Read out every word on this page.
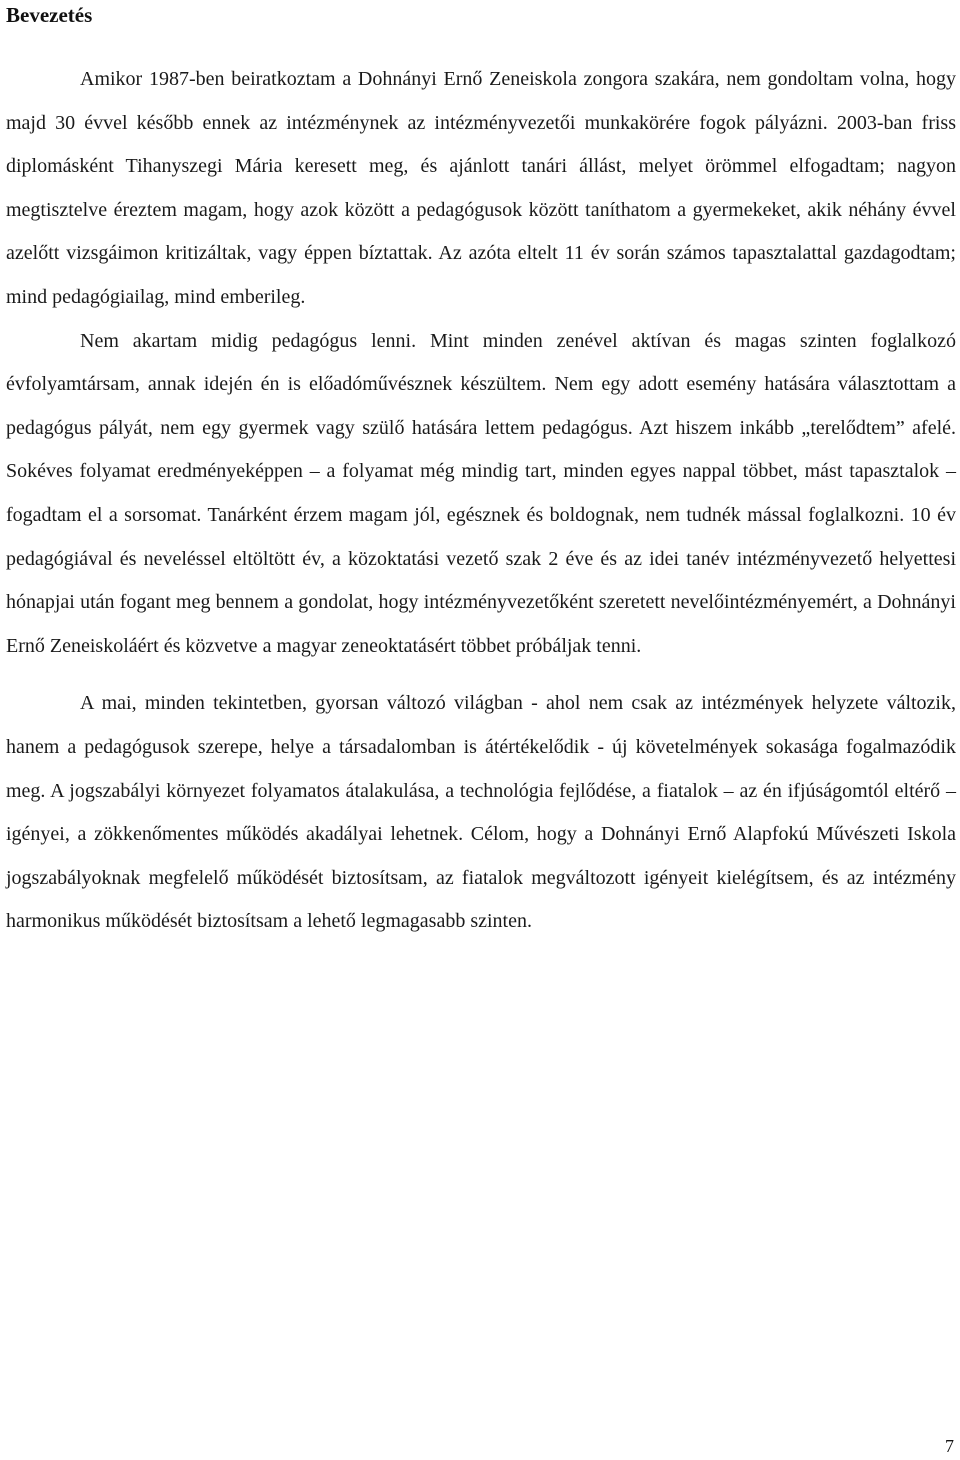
Bevezetés

Amikor 1987-ben beiratkoztam a Dohnányi Ernő Zeneiskola zongora szakára, nem gondoltam volna, hogy majd 30 évvel később ennek az intézménynek az intézményvezetői munkakörére fogok pályázni. 2003-ban friss diplomásként Tihanyszegi Mária keresett meg, és ajánlott tanári állást, melyet örömmel elfogadtam; nagyon megtisztelve éreztem magam, hogy azok között a pedagógusok között taníthatom a gyermekeket, akik néhány évvel azelőtt vizsgáimon kritizáltak, vagy éppen bíztattak. Az azóta eltelt 11 év során számos tapasztalattal gazdagodtam; mind pedagógiailag, mind emberileg.

Nem akartam midig pedagógus lenni. Mint minden zenével aktívan és magas szinten foglalkozó évfolyamtársam, annak idején én is előadóművésznek készültem. Nem egy adott esemény hatására választottam a pedagógus pályát, nem egy gyermek vagy szülő hatására lettem pedagógus. Azt hiszem inkább „terelődtem” afelé. Sokéves folyamat eredményeképpen – a folyamat még mindig tart, minden egyes nappal többet, mást tapasztalok – fogadtam el a sorsomat. Tanárként érzem magam jól, egésznek és boldognak, nem tudnék mással foglalkozni. 10 év pedagógiával és neveléssel eltöltött év, a közoktatási vezető szak 2 éve és az idei tanév intézményvezető helyettesi hónapjai után fogant meg bennem a gondolat, hogy intézményvezetőként szeretett nevelőintézményemért, a Dohnányi Ernő Zeneiskoláért és közvetve a magyar zeneoktatásért többet próbáljak tenni.

A mai, minden tekintetben, gyorsan változó világban - ahol nem csak az intézmények helyzete változik, hanem a pedagógusok szerepe, helye a társadalomban is átértékelődik - új követelmények sokasága fogalmazódik meg. A jogszabályi környezet folyamatos átalakulása, a technológia fejlődése, a fiatalok – az én ifjúságomtól eltérő – igényei, a zökkenőmentes működés akadályai lehetnek. Célom, hogy a Dohnányi Ernő Alapfokú Művészeti Iskola jogszabályoknak megfelelő működését biztosítsam, az fiatalok megváltozott igényeit kielégítsem, és az intézmény harmonikus működését biztosítsam a lehető legmagasabb szinten.

7
